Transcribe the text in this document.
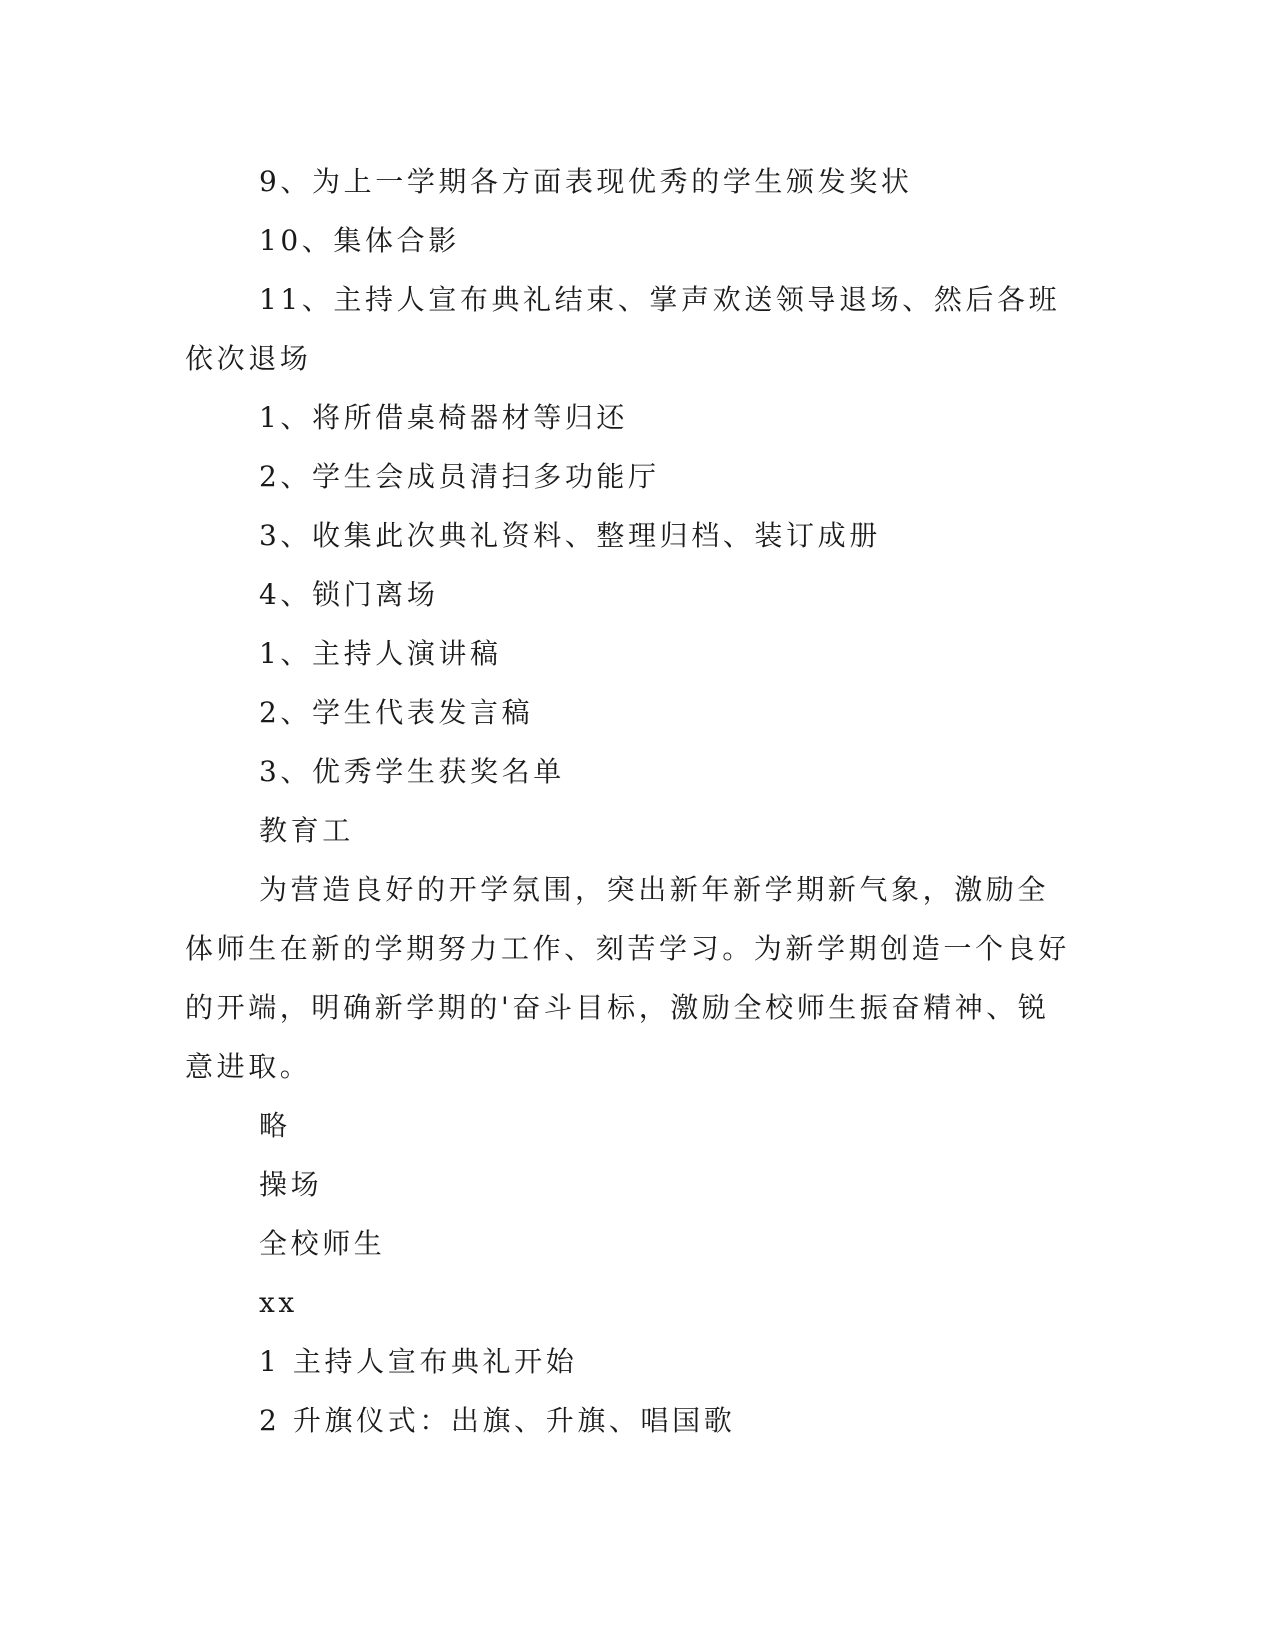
9、为上一学期各方面表现优秀的学生颁发奖状

10、集体合影

11、主持人宣布典礼结束、掌声欢送领导退场、然后各班依次退场

1、将所借桌椅器材等归还

2、学生会成员清扫多功能厅

3、收集此次典礼资料、整理归档、装订成册

4、锁门离场

1、主持人演讲稿

2、学生代表发言稿

3、优秀学生获奖名单

教育工

为营造良好的开学氛围，突出新年新学期新气象，激励全体师生在新的学期努力工作、刻苦学习。为新学期创造一个良好的开端，明确新学期的'奋斗目标，激励全校师生振奋精神、锐意进取。

略

操场

全校师生

xx

1 主持人宣布典礼开始

2 升旗仪式：出旗、升旗、唱国歌
